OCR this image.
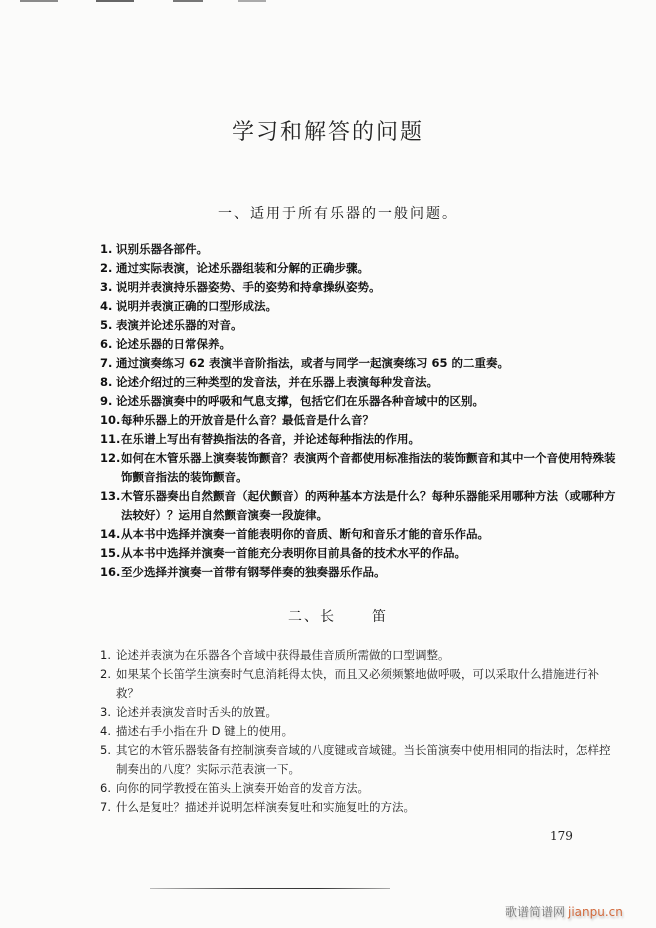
学习和解答的问题
一、适用于所有乐器的一般问题。
1. 识别乐器各部件。
2. 通过实际表演，论述乐器组装和分解的正确步骤。
3. 说明并表演持乐器姿势、手的姿势和持拿操纵姿势。
4. 说明并表演正确的口型形成法。
5. 表演并论述乐器的对音。
6. 论述乐器的日常保养。
7. 通过演奏练习 62 表演半音阶指法，或者与同学一起演奏练习 65 的二重奏。
8. 论述介绍过的三种类型的发音法，并在乐器上表演每种发音法。
9. 论述乐器演奏中的呼吸和气息支撑，包括它们在乐器各种音域中的区别。
10. 每种乐器上的开放音是什么音？最低音是什么音？
11. 在乐谱上写出有替换指法的各音，并论述每种指法的作用。
12. 如何在木管乐器上演奏装饰颤音？表演两个音都使用标准指法的装饰颤音和其中一个音使用特殊装饰颤音指法的装饰颤音。
13. 木管乐器奏出自然颤音（起伏颤音）的两种基本方法是什么？每种乐器能采用哪种方法（或哪种方法较好）？运用自然颤音演奏一段旋律。
14. 从本书中选择并演奏一首能表明你的音质、断句和音乐才能的音乐作品。
15. 从本书中选择并演奏一首能充分表明你目前具备的技术水平的作品。
16. 至少选择并演奏一首带有钢琴伴奏的独奏器乐作品。
二、长	笛
1. 论述并表演为在乐器各个音域中获得最佳音质所需做的口型调整。
2. 如果某个长笛学生演奏时气息消耗得太快，而且又必须频繁地做呼吸，可以采取什么措施进行补救？
3. 论述并表演发音时舌头的放置。
4. 描述右手小指在升 D 键上的使用。
5. 其它的木管乐器装备有控制演奏音域的八度键或音域键。当长笛演奏中使用相同的指法时，怎样控制奏出的八度？实际示范表演一下。
6. 向你的同学教授在笛头上演奏开始音的发音方法。
7. 什么是复吐？描述并说明怎样演奏复吐和实施复吐的方法。
179
歌谱简谱网 jianpu.cn
